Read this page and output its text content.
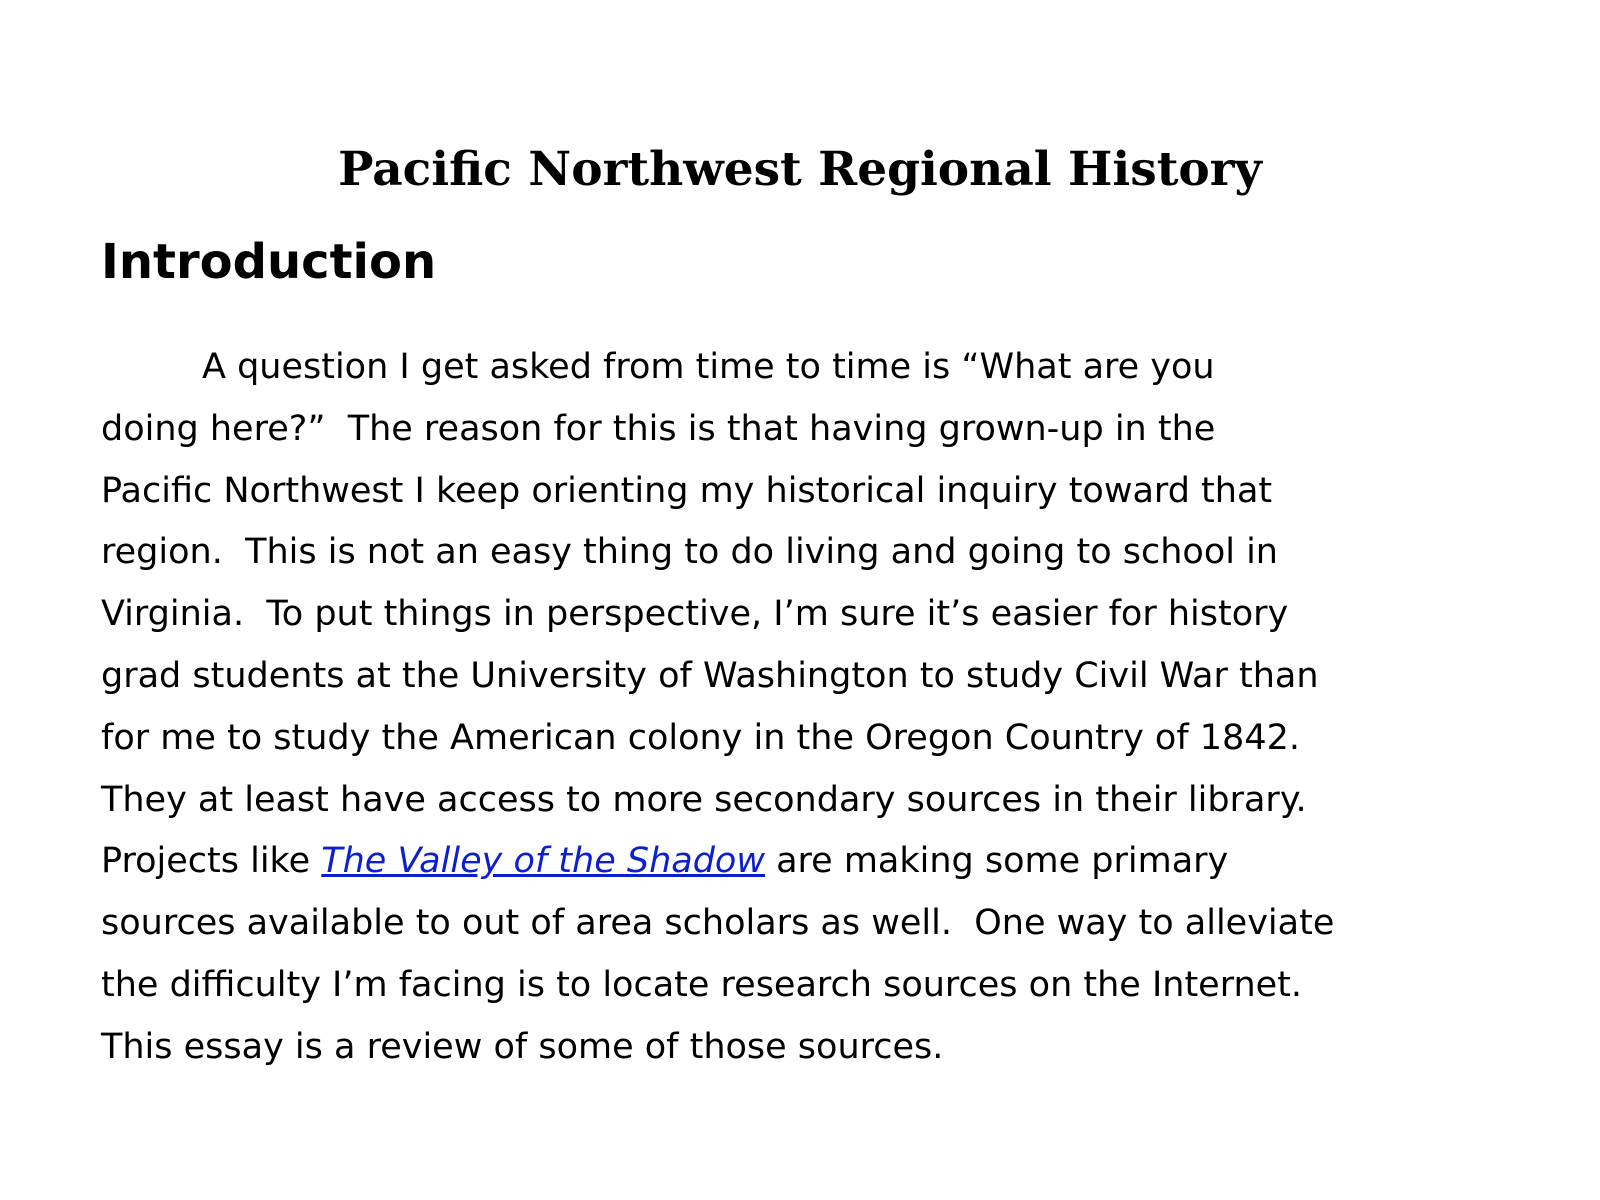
Pacific Northwest Regional History
Introduction
A question I get asked from time to time is “What are you
doing here?”  The reason for this is that having grown-up in the
Pacific Northwest I keep orienting my historical inquiry toward that
region.  This is not an easy thing to do living and going to school in
Virginia.  To put things in perspective, I’m sure it’s easier for history
grad students at the University of Washington to study Civil War than
for me to study the American colony in the Oregon Country of 1842.
They at least have access to more secondary sources in their library.
Projects like The Valley of the Shadow are making some primary
sources available to out of area scholars as well.  One way to alleviate
the difficulty I’m facing is to locate research sources on the Internet.
This essay is a review of some of those sources.
